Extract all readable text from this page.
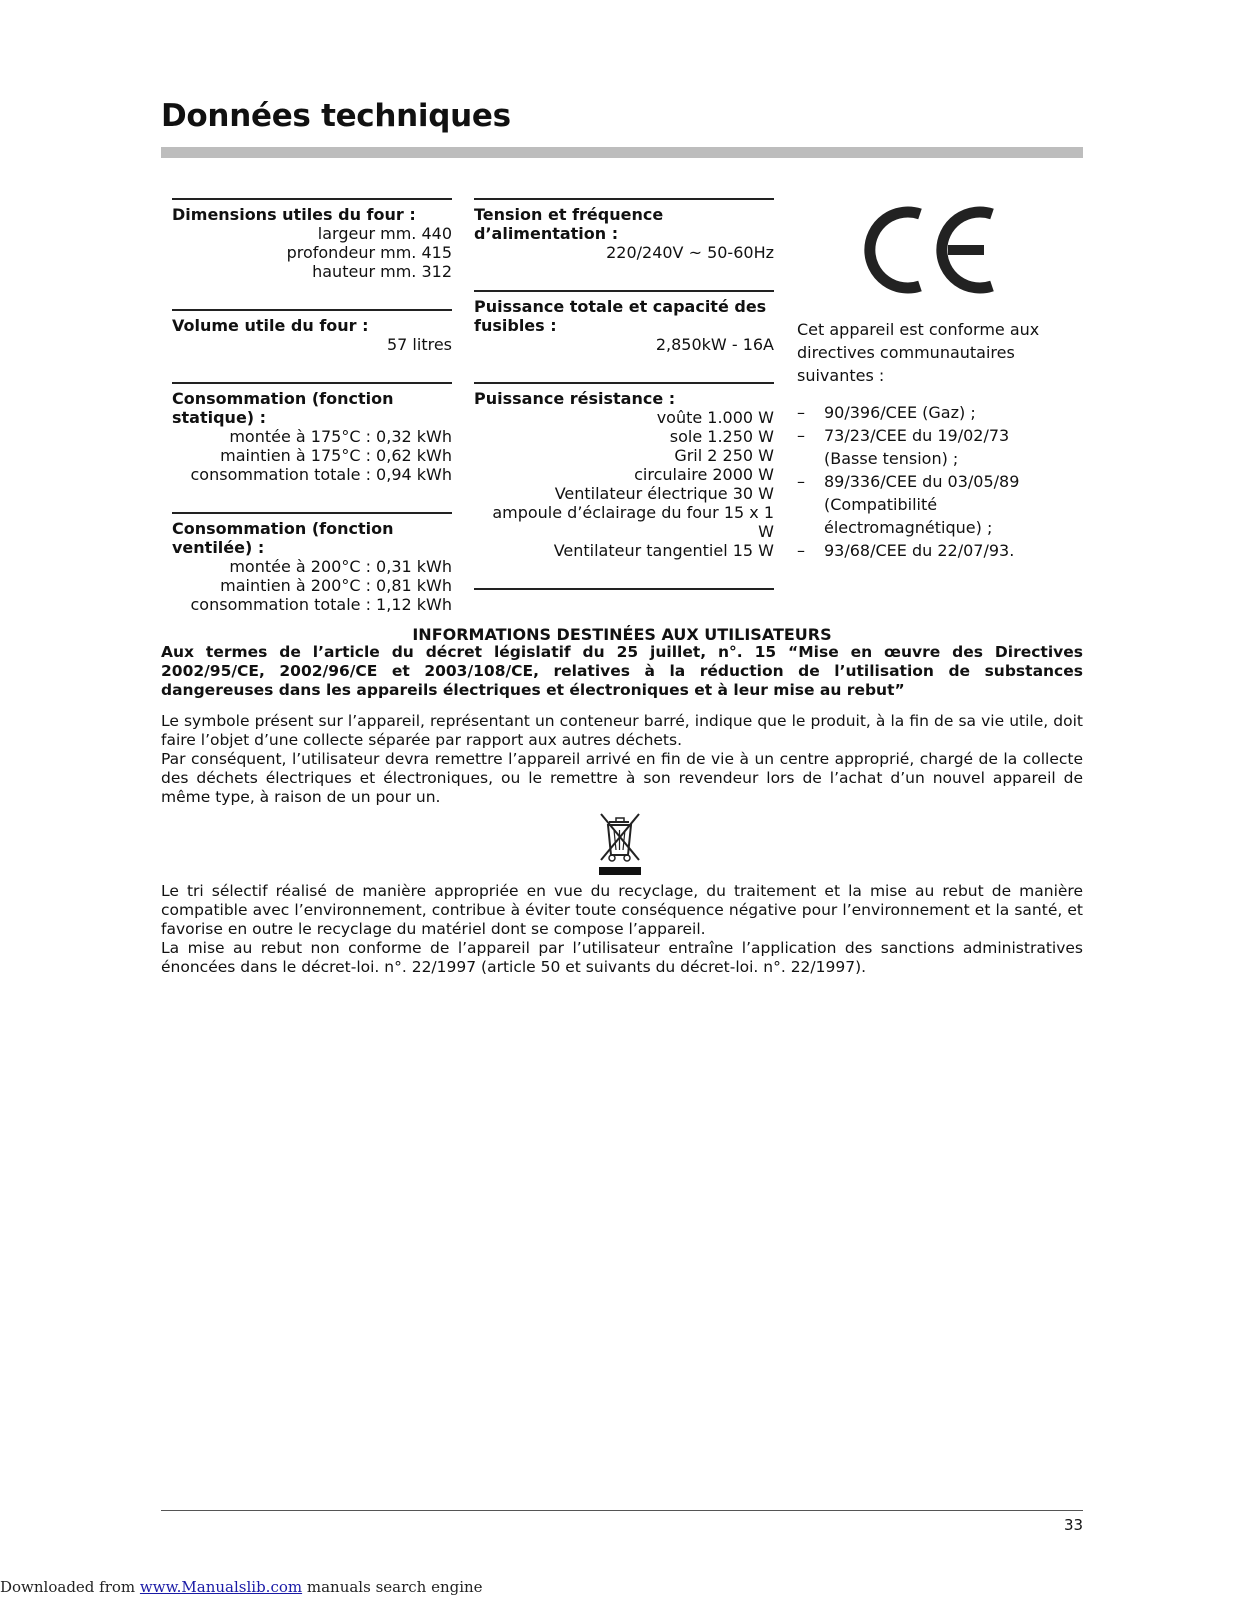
Données techniques
Dimensions utiles du four :
largeur mm. 440
profondeur mm. 415
hauteur mm. 312
Volume utile du four :
57 litres
Consommation (fonction statique) :
montée à 175°C : 0,32 kWh
maintien à 175°C : 0,62 kWh
consommation totale : 0,94 kWh
Consommation (fonction ventilée) :
montée à 200°C : 0,31 kWh
maintien à 200°C : 0,81 kWh
consommation totale : 1,12 kWh
Tension et fréquence d’alimentation :
220/240V ~ 50-60Hz
Puissance totale et capacité des fusibles :
2,850kW - 16A
Puissance résistance :
voûte 1.000 W
sole 1.250 W
Gril 2 250 W
circulaire 2000 W
Ventilateur électrique 30 W
ampoule d’éclairage du four 15 x 1 W
Ventilateur tangentiel 15 W
Cet appareil est conforme aux directives communautaires suivantes :
– 90/396/CEE (Gaz) ;
– 73/23/CEE du 19/02/73 (Basse tension) ;
– 89/336/CEE du 03/05/89 (Compatibilité électromagnétique) ;
– 93/68/CEE du 22/07/93.
INFORMATIONS DESTINÉES AUX UTILISATEURS
Aux termes de l’article du décret législatif du 25 juillet, n°. 15 “Mise en œuvre des Directives 2002/95/CE, 2002/96/CE et 2003/108/CE, relatives à la réduction de l’utilisation de substances dangereuses dans les appareils électriques et électroniques et à leur mise au rebut”
Le symbole présent sur l’appareil, représentant un conteneur barré, indique que le produit, à la fin de sa vie utile, doit faire l’objet d’une collecte séparée par rapport aux autres déchets.
Par conséquent, l’utilisateur devra remettre l’appareil arrivé en fin de vie à un centre approprié, chargé de la collecte des déchets électriques et électroniques, ou le remettre à son revendeur lors de l’achat d’un nouvel appareil de même type, à raison de un pour un.
Le tri sélectif réalisé de manière appropriée en vue du recyclage, du traitement et la mise au rebut de manière compatible avec l’environnement, contribue à éviter toute conséquence négative pour l’environnement et la santé, et favorise en outre le recyclage du matériel dont se compose l’appareil.
La mise au rebut non conforme de l’appareil par l’utilisateur entraîne l’application des sanctions administratives énoncées dans le décret-loi. n°. 22/1997 (article 50 et suivants du décret-loi. n°. 22/1997).
33
Downloaded from www.Manualslib.com manuals search engine
